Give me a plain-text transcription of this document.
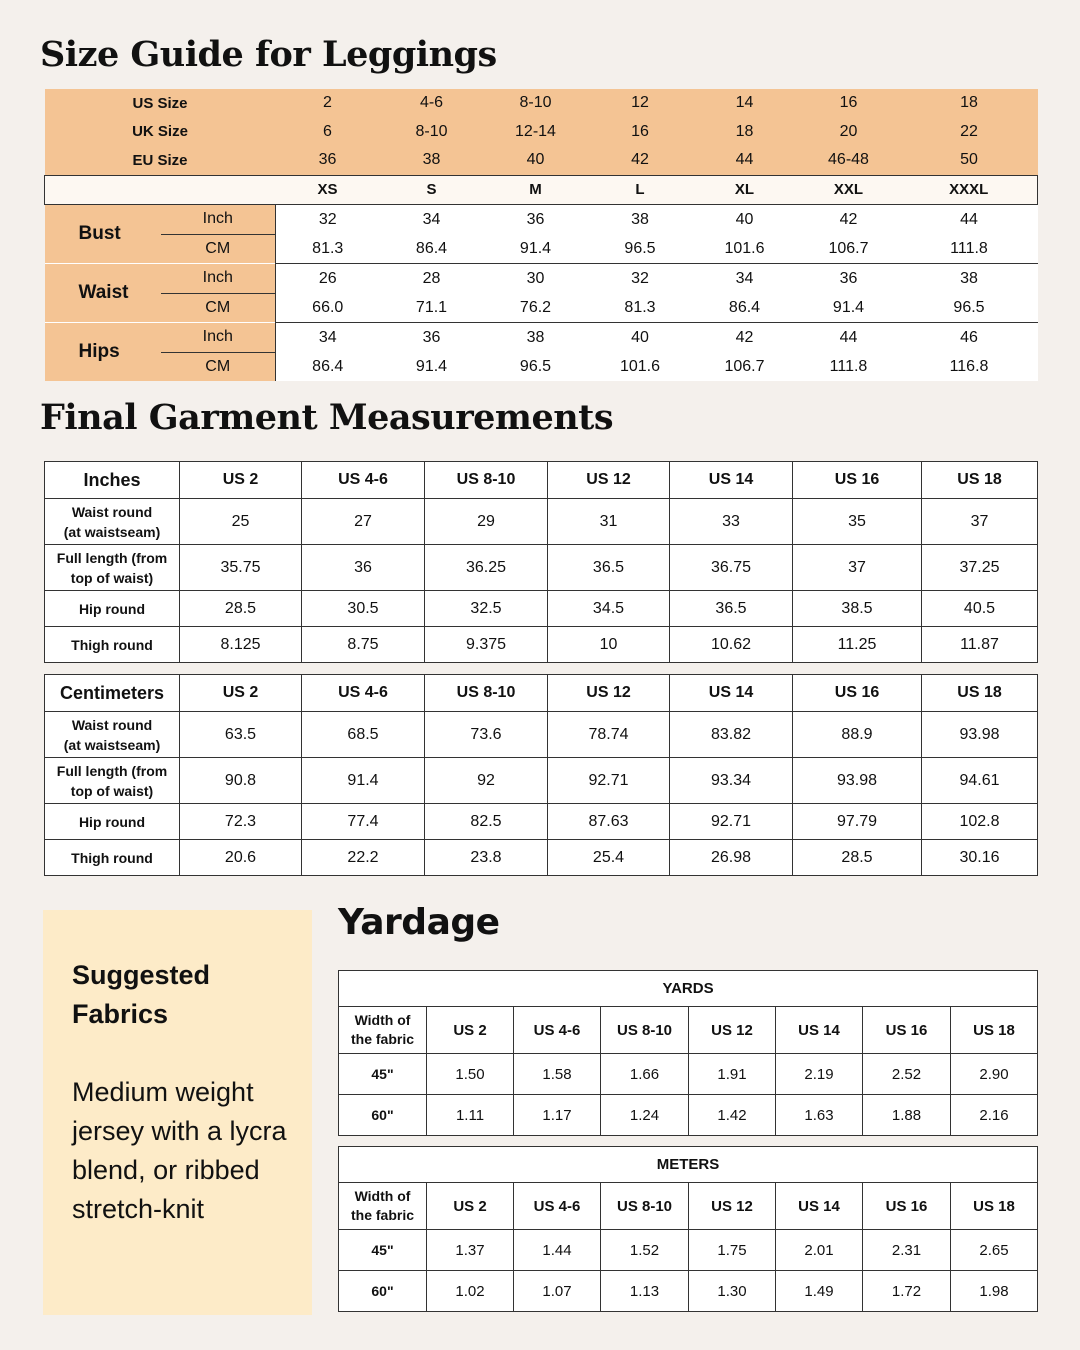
Size Guide for Leggings
US Size		2	4-6	8-10	12	14	16	18
UK Size		6	8-10	12-14	16	18	20	22
EU Size		36	38	40	42	44	46-48	50
		XS	S	M	L	XL	XXL	XXXL
Bust	Inch	32	34	36	38	40	42	44
	CM	81.3	86.4	91.4	96.5	101.6	106.7	111.8
Waist	Inch	26	28	30	32	34	36	38
	CM	66.0	71.1	76.2	81.3	86.4	91.4	96.5
Hips	Inch	34	36	38	40	42	44	46
	CM	86.4	91.4	96.5	101.6	106.7	111.8	116.8
Final Garment Measurements
Inches	US 2	US 4-6	US 8-10	US 12	US 14	US 16	US 18

Waist round
(at waistseam)	25	27	29	31	33	35	37

Full length (from
top of waist)	35.75	36	36.25	36.5	36.75	37	37.25

Hip round	28.5	30.5	32.5	34.5	36.5	38.5	40.5

Thigh round	8.125	8.75	9.375	10	10.62	11.25	11.87
Centimeters	US 2	US 4-6	US 8-10	US 12	US 14	US 16	US 18

Waist round
(at waistseam)	63.5	68.5	73.6	78.74	83.82	88.9	93.98

Full length (from
top of waist)	90.8	91.4	92	92.71	93.34	93.98	94.61

Hip round	72.3	77.4	82.5	87.63	92.71	97.79	102.8

Thigh round	20.6	22.2	23.8	25.4	26.98	28.5	30.16
Suggested
Fabrics
Medium weight jersey with a lycra blend, or ribbed stretch-knit
Yardage
YARDS							

Width of
the fabric	US 2	US 4-6	US 8-10	US 12	US 14	US 16	US 18
45"	1.50	1.58	1.66	1.91	2.19	2.52	2.90
60"	1.11	1.17	1.24	1.42	1.63	1.88	2.16
METERS							

Width of
the fabric	US 2	US 4-6	US 8-10	US 12	US 14	US 16	US 18
45"	1.37	1.44	1.52	1.75	2.01	2.31	2.65
60"	1.02	1.07	1.13	1.30	1.49	1.72	1.98
